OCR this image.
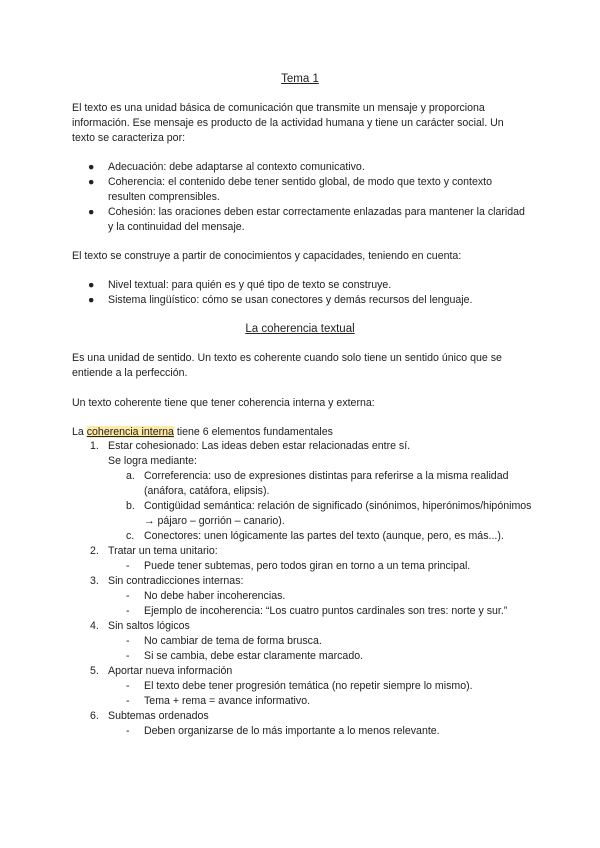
Tema 1

El texto es una unidad básica de comunicación que transmite un mensaje y proporciona información. Ese mensaje es producto de la actividad humana y tiene un carácter social. Un texto se caracteriza por:

● Adecuación: debe adaptarse al contexto comunicativo.
● Coherencia: el contenido debe tener sentido global, de modo que texto y contexto resulten comprensibles.
● Cohesión: las oraciones deben estar correctamente enlazadas para mantener la claridad y la continuidad del mensaje.

El texto se construye a partir de conocimientos y capacidades, teniendo en cuenta:

● Nivel textual: para quién es y qué tipo de texto se construye.
● Sistema lingüístico: cómo se usan conectores y demás recursos del lenguaje.
La coherencia textual

Es una unidad de sentido. Un texto es coherente cuando solo tiene un sentido único que se entiende a la perfección.

Un texto coherente tiene que tener coherencia interna y externa:

La coherencia interna tiene 6 elementos fundamentales

1. Estar cohesionado: Las ideas deben estar relacionadas entre sí.
Se logra mediante:
a. Correferencia: uso de expresiones distintas para referirse a la misma realidad (anáfora, catáfora, elipsis).
b. Contigüidad semántica: relación de significado (sinónimos, hiperónimos/hipónimos → pájaro – gorrión – canario).
c. Conectores: unen lógicamente las partes del texto (aunque, pero, es más...).
2. Tratar un tema unitario:
- Puede tener subtemas, pero todos giran en torno a un tema principal.
3. Sin contradicciones internas:
- No debe haber incoherencias.
- Ejemplo de incoherencia: “Los cuatro puntos cardinales son tres: norte y sur.”
4. Sin saltos lógicos
- No cambiar de tema de forma brusca.
- Si se cambia, debe estar claramente marcado.
5. Aportar nueva información
- El texto debe tener progresión temática (no repetir siempre lo mismo).
- Tema + rema = avance informativo.
6. Subtemas ordenados
- Deben organizarse de lo más importante a lo menos relevante.
